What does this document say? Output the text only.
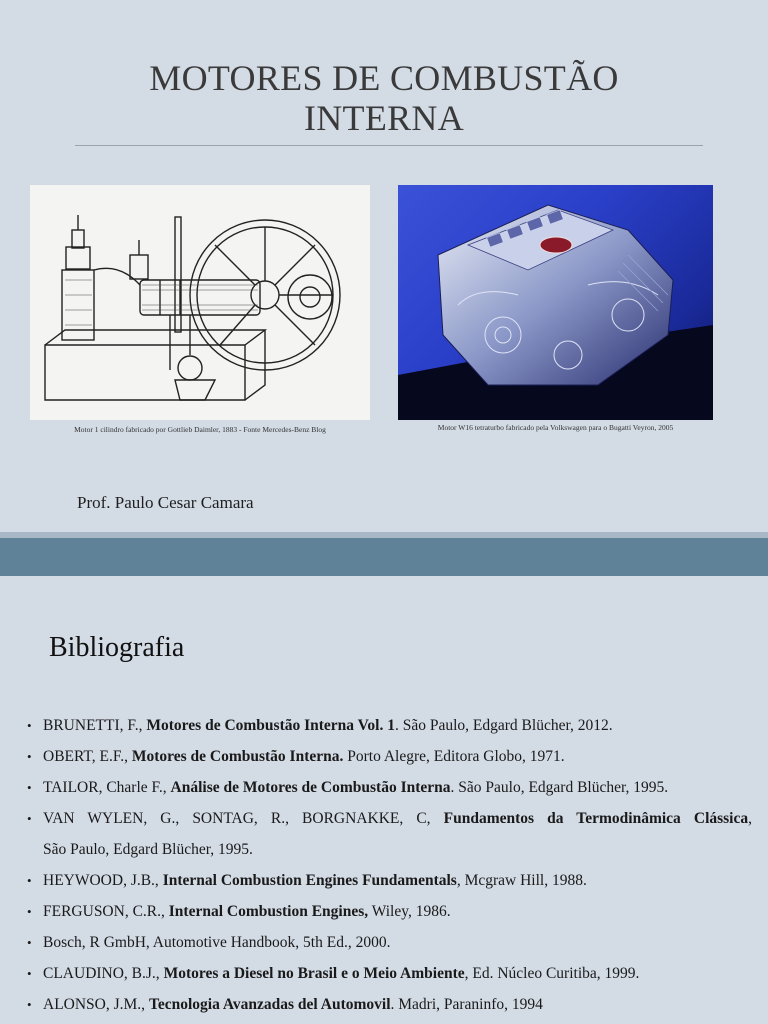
MOTORES DE COMBUSTÃO
INTERNA
Motor 1 cilindro fabricado por Gottlieb Daimler, 1883 - Fonte Mercedes-Benz Blog	Motor W16 tetraturbo fabricado pela Volkswagen para o Bugatti Veyron, 2005
Prof. Paulo Cesar Camara
Bibliografia
• BRUNETTI, F., Motores de Combustão Interna Vol. 1. São Paulo, Edgard Blücher, 2012.
• OBERT, E.F., Motores de Combustão Interna. Porto Alegre, Editora Globo, 1971.
• TAILOR, Charle F., Análise de Motores de Combustão Interna. São Paulo, Edgard Blücher, 1995.
• VAN WYLEN, G., SONTAG, R., BORGNAKKE, C, Fundamentos da Termodinâmica Clássica,
São Paulo, Edgard Blücher, 1995.
• HEYWOOD, J.B., Internal Combustion Engines Fundamentals, Mcgraw Hill, 1988.
• FERGUSON, C.R., Internal Combustion Engines, Wiley, 1986.
• Bosch, R GmbH, Automotive Handbook, 5th Ed., 2000.
• CLAUDINO, B.J., Motores a Diesel no Brasil e o Meio Ambiente, Ed. Núcleo Curitiba, 1999.
• ALONSO, J.M., Tecnologia Avanzadas del Automovil. Madri, Paraninfo, 1994
